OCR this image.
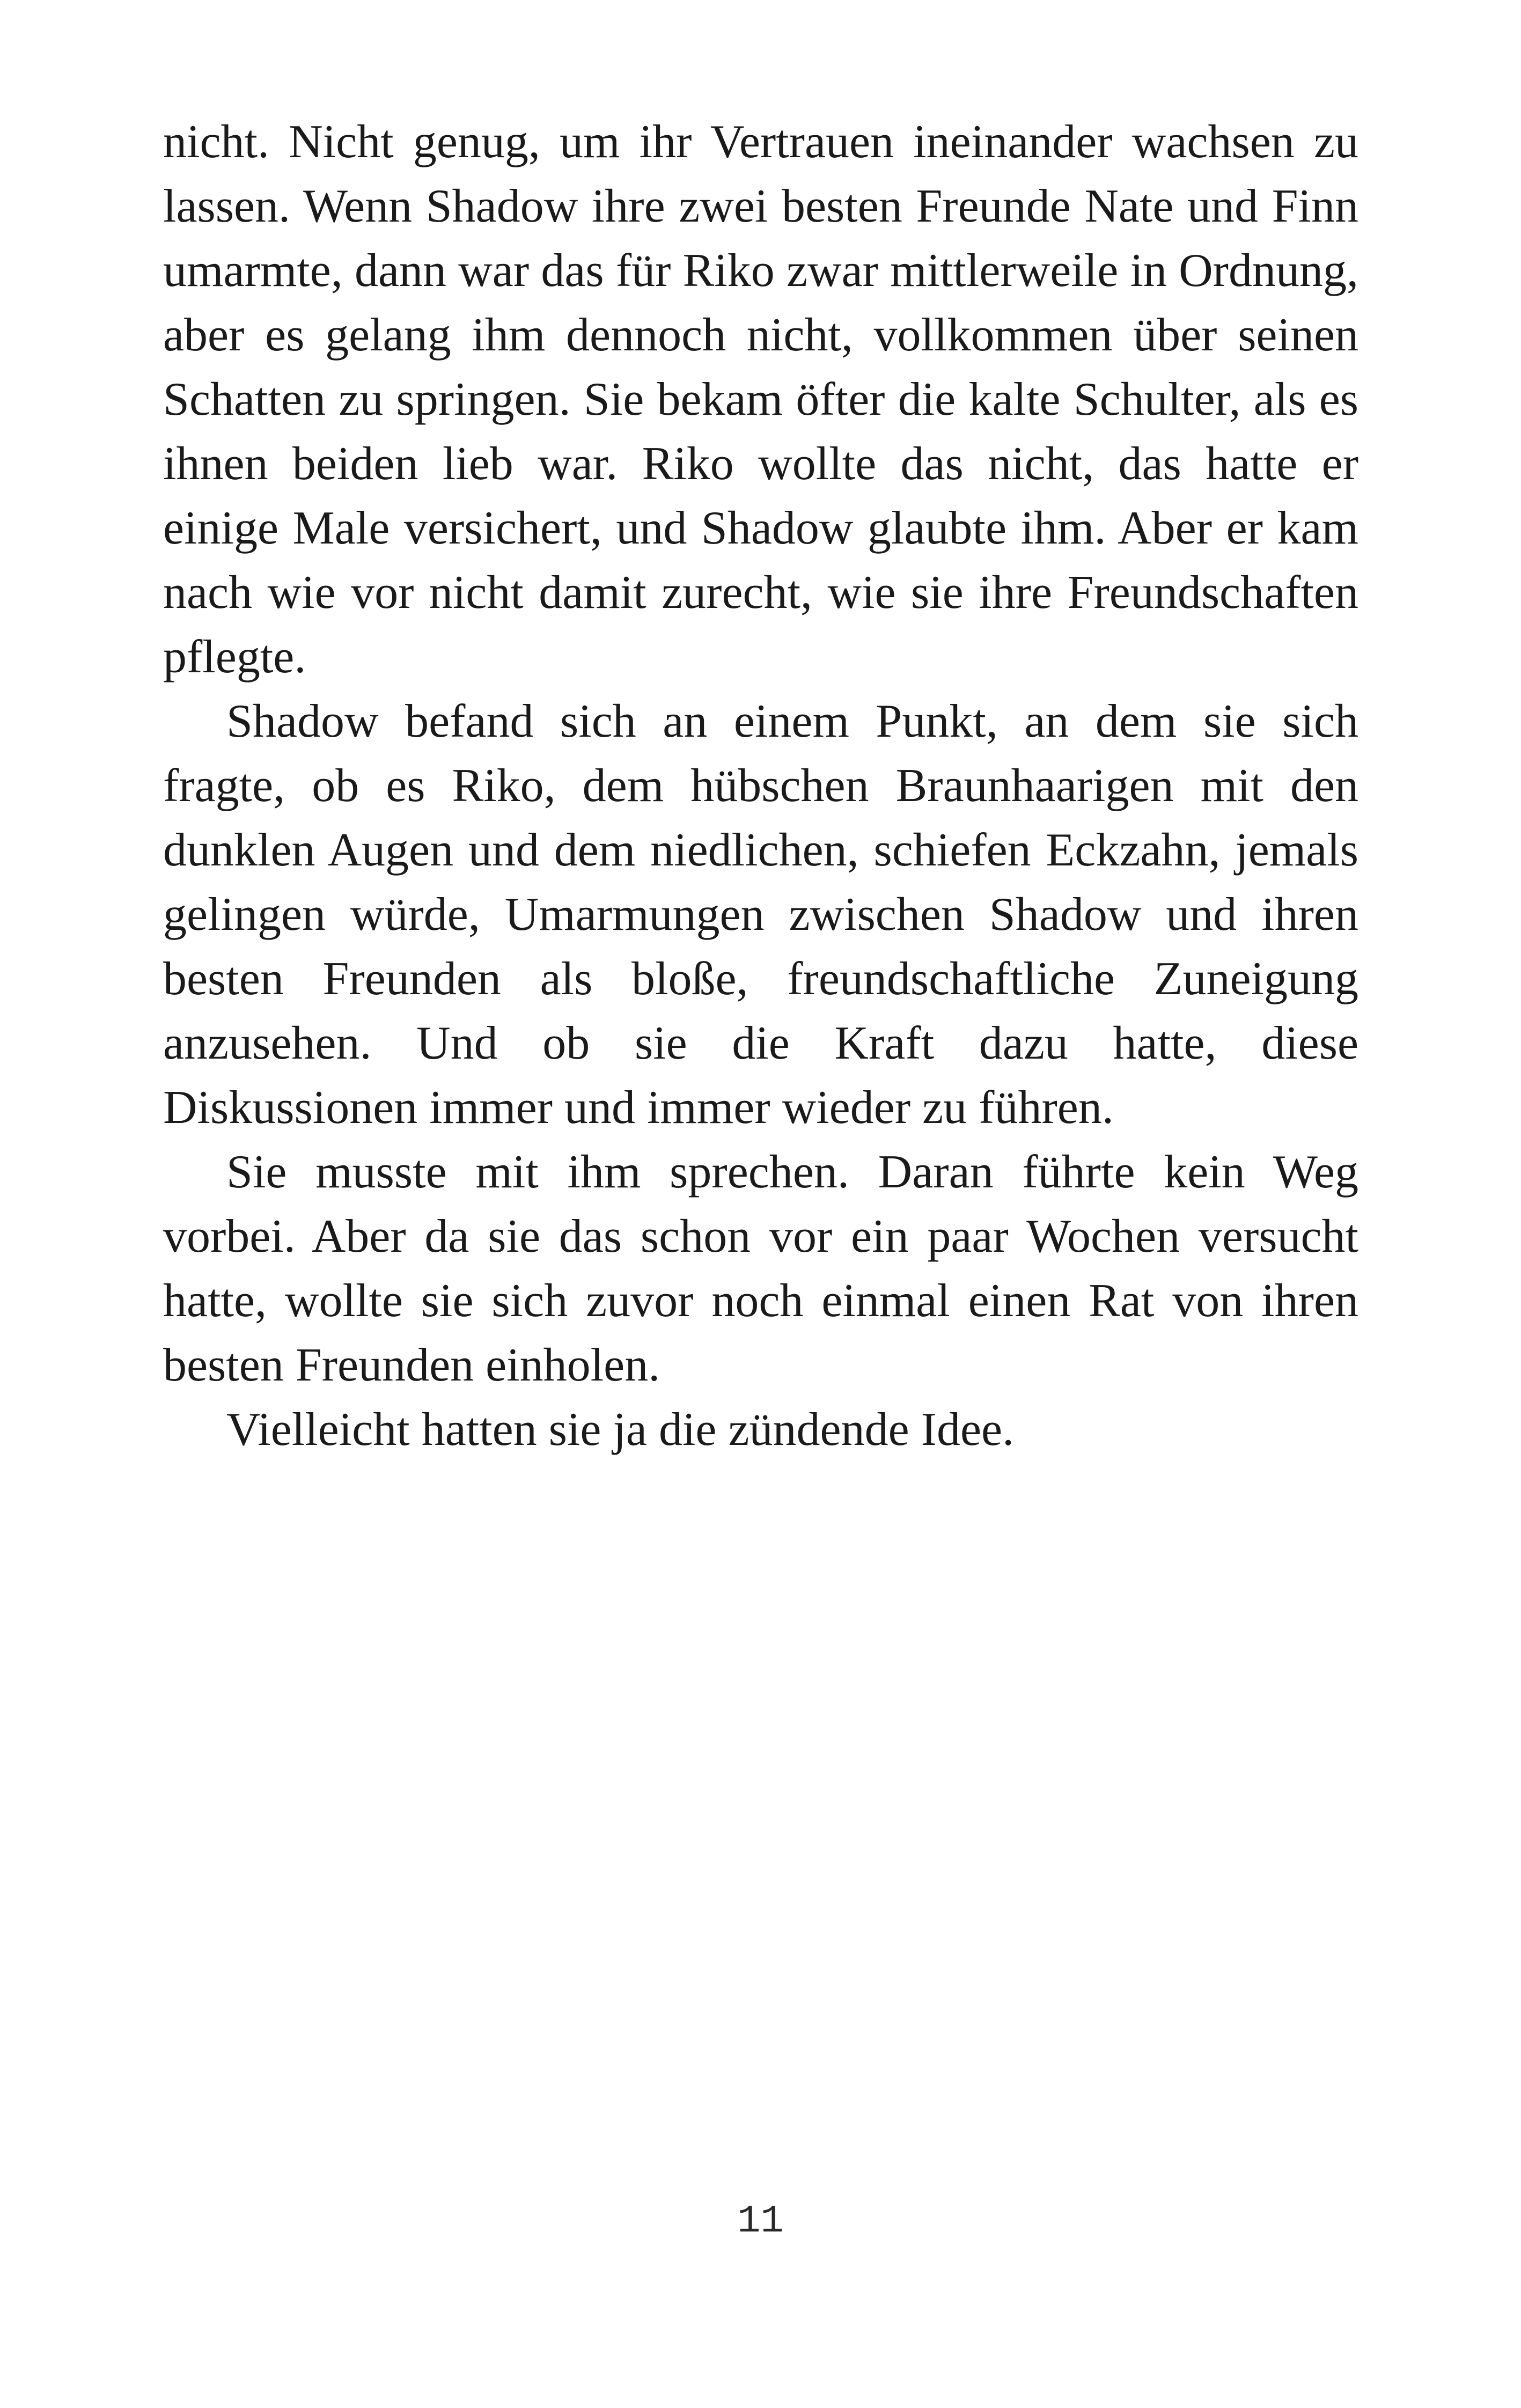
nicht. Nicht genug, um ihr Vertrauen ineinander wachsen zu lassen. Wenn Shadow ihre zwei besten Freunde Nate und Finn umarmte, dann war das für Riko zwar mittlerweile in Ordnung, aber es gelang ihm dennoch nicht, vollkommen über seinen Schatten zu springen. Sie bekam öfter die kalte Schulter, als es ihnen beiden lieb war. Riko wollte das nicht, das hatte er einige Male versichert, und Shadow glaubte ihm. Aber er kam nach wie vor nicht damit zurecht, wie sie ihre Freundschaften pflegte.

Shadow befand sich an einem Punkt, an dem sie sich fragte, ob es Riko, dem hübschen Braunhaarigen mit den dunklen Augen und dem niedlichen, schiefen Eckzahn, jemals gelingen würde, Umarmungen zwischen Shadow und ihren besten Freunden als bloße, freundschaftliche Zuneigung anzusehen. Und ob sie die Kraft dazu hatte, diese Diskussionen immer und immer wieder zu führen.

Sie musste mit ihm sprechen. Daran führte kein Weg vorbei. Aber da sie das schon vor ein paar Wochen versucht hatte, wollte sie sich zuvor noch einmal einen Rat von ihren besten Freunden einholen.

Vielleicht hatten sie ja die zündende Idee.

11
